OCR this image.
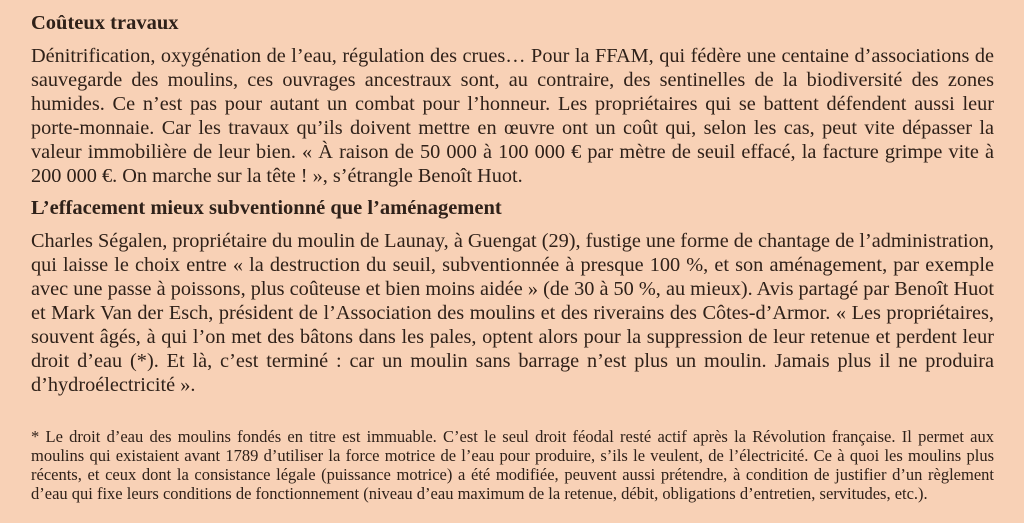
Coûteux travaux

Dénitrification, oxygénation de l’eau, régulation des crues… Pour la FFAM, qui fédère une centaine d’associations de sauvegarde des moulins, ces ouvrages ancestraux sont, au contraire, des sentinelles de la biodiversité des zones humides. Ce n’est pas pour autant un combat pour l’honneur. Les propriétaires qui se battent défendent aussi leur porte-monnaie. Car les travaux qu’ils doivent mettre en œuvre ont un coût qui, selon les cas, peut vite dépasser la valeur immobilière de leur bien. « À raison de 50 000 à 100 000 € par mètre de seuil effacé, la facture grimpe vite à 200 000 €. On marche sur la tête ! », s’étrangle Benoît Huot.

L’effacement mieux subventionné que l’aménagement

Charles Ségalen, propriétaire du moulin de Launay, à Guengat (29), fustige une forme de chantage de l’administration, qui laisse le choix entre « la destruction du seuil, subventionnée à presque 100 %, et son aménagement, par exemple avec une passe à poissons, plus coûteuse et bien moins aidée » (de 30 à 50 %, au mieux). Avis partagé par Benoît Huot et Mark Van der Esch, président de l’Association des moulins et des riverains des Côtes-d’Armor. « Les propriétaires, souvent âgés, à qui l’on met des bâtons dans les pales, optent alors pour la suppression de leur retenue et perdent leur droit d’eau (*). Et là, c’est terminé : car un moulin sans barrage n’est plus un moulin. Jamais plus il ne produira d’hydroélectricité ».

* Le droit d’eau des moulins fondés en titre est immuable. C’est le seul droit féodal resté actif après la Révolution française. Il permet aux moulins qui existaient avant 1789 d’utiliser la force motrice de l’eau pour produire, s’ils le veulent, de l’électricité. Ce à quoi les moulins plus récents, et ceux dont la consistance légale (puissance motrice) a été modifiée, peuvent aussi prétendre, à condition de justifier d’un règlement d’eau qui fixe leurs conditions de fonctionnement (niveau d’eau maximum de la retenue, débit, obligations d’entretien, servitudes, etc.).
